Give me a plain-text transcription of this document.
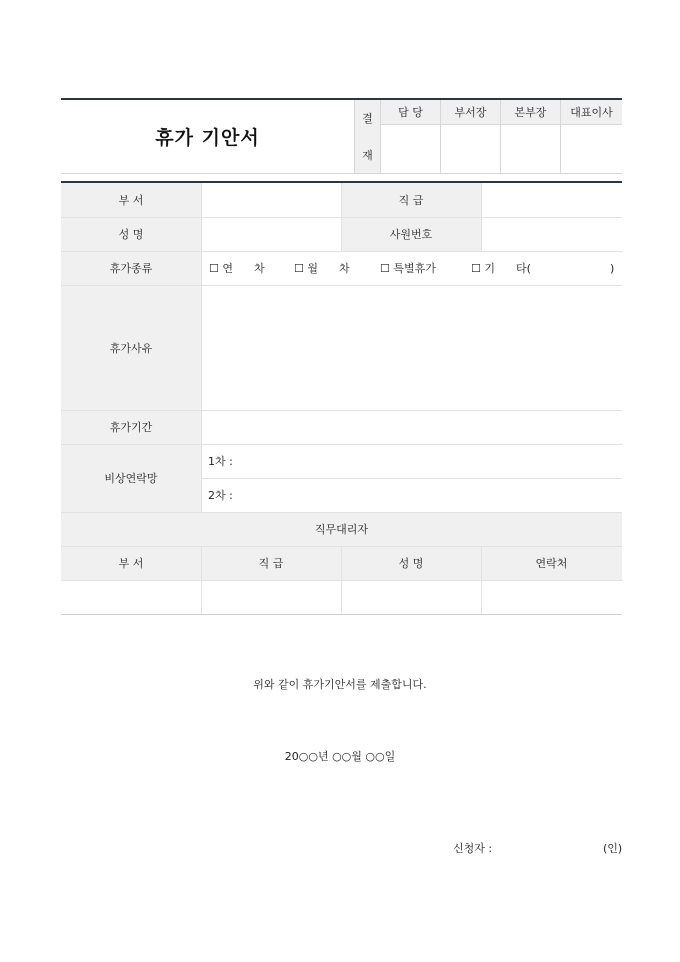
휴가 기안서
결
재
담 당	부서장	본부장	대표이사
부 서	직 급
성 명	사원번호
휴가종류	☐ 연      차	☐ 월      차	☐ 특별휴가	☐ 기      타(	)
휴가사유
휴가기간
비상연락망
1차 :
2차 :
직무대리자
부 서	직 급	성 명	연락처
위와 같이 휴가기안서를 제출합니다.
20○○년 ○○월 ○○일
신청자 :	(인)
